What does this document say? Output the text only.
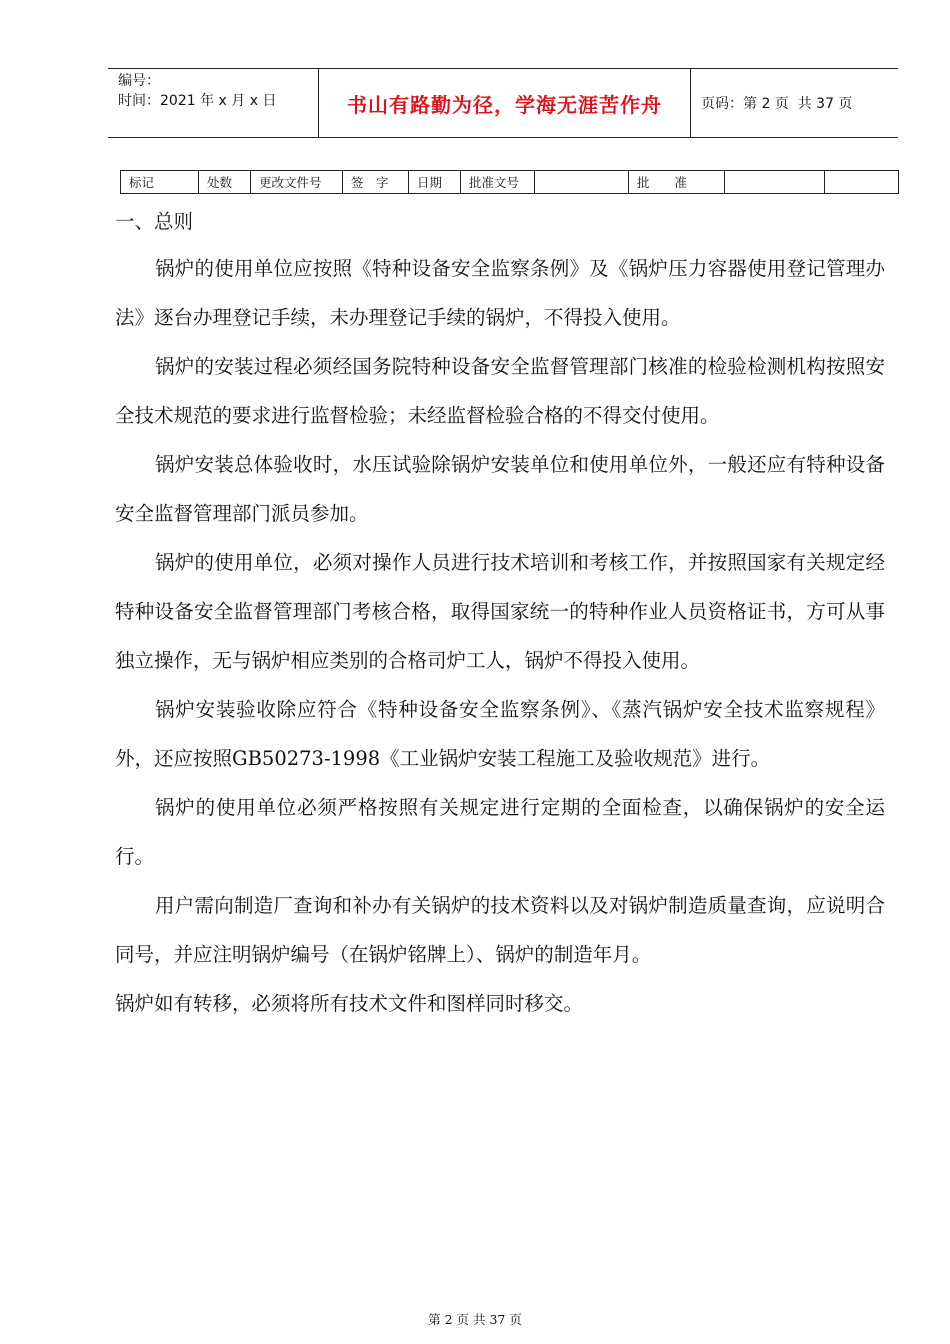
编号：
时间：2021 年 x 月 x 日	书山有路勤为径，学海无涯苦作舟	页码：第 2 页  共 37 页
标记	处数	更改文件号	签　字	日期	批准文号		批　　准		
一、总则

锅炉的使用单位应按照《特种设备安全监察条例》及《锅炉压力容器使用登记管理办法》逐台办理登记手续，未办理登记手续的锅炉，不得投入使用。

锅炉的安装过程必须经国务院特种设备安全监督管理部门核准的检验检测机构按照安全技术规范的要求进行监督检验；未经监督检验合格的不得交付使用。

锅炉安装总体验收时，水压试验除锅炉安装单位和使用单位外，一般还应有特种设备安全监督管理部门派员参加。

锅炉的使用单位，必须对操作人员进行技术培训和考核工作，并按照国家有关规定经特种设备安全监督管理部门考核合格，取得国家统一的特种作业人员资格证书，方可从事独立操作，无与锅炉相应类别的合格司炉工人，锅炉不得投入使用。

锅炉安装验收除应符合《特种设备安全监察条例》、《蒸汽锅炉安全技术监察规程》外，还应按照GB50273-1998《工业锅炉安装工程施工及验收规范》进行。

锅炉的使用单位必须严格按照有关规定进行定期的全面检查，以确保锅炉的安全运行。

用户需向制造厂查询和补办有关锅炉的技术资料以及对锅炉制造质量查询，应说明合同号，并应注明锅炉编号（在锅炉铭牌上）、锅炉的制造年月。

锅炉如有转移，必须将所有技术文件和图样同时移交。

第 2 页 共 37 页
